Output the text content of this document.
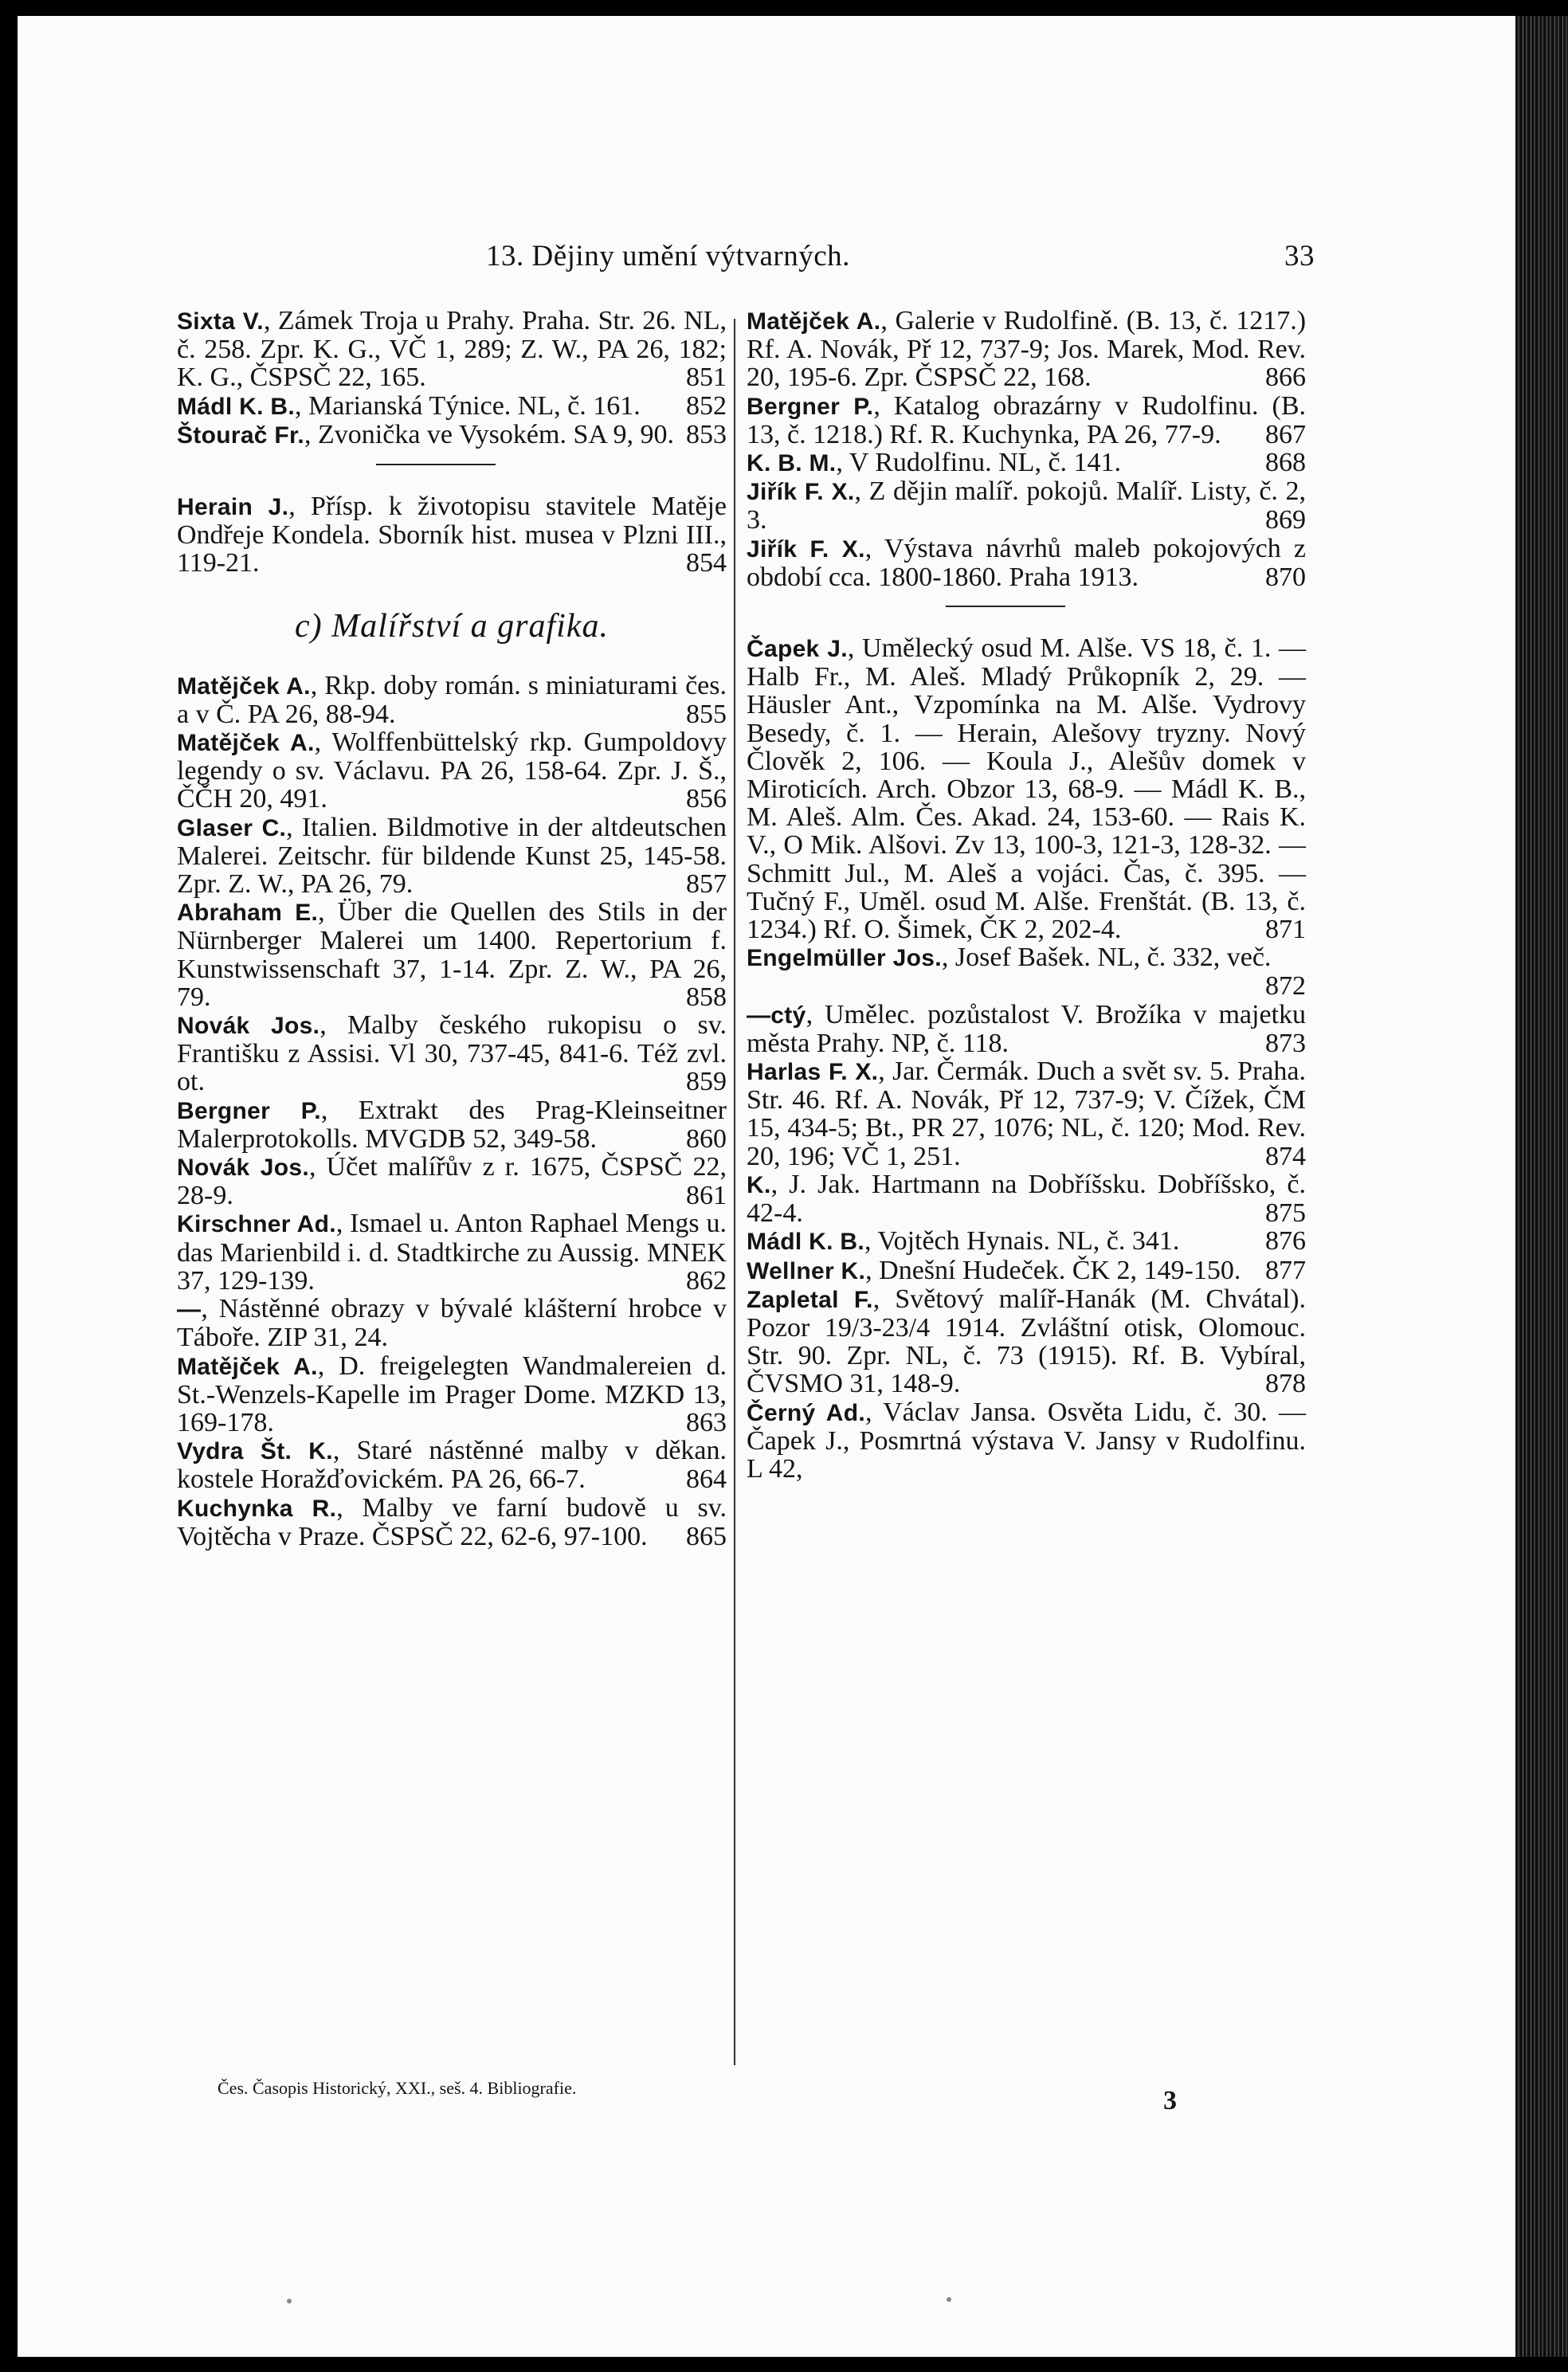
13. Dějiny umění výtvarných.	33

Sixta V., Zámek Troja u Prahy. Praha. Str. 26. NL, č. 258. Zpr. K. G., VČ 1, 289; Z. W., PA 26, 182; K. G., ČSPSČ 22, 165.	851

Mádl K. B., Marianská Týnice. NL, č. 161. 852

Štourač Fr., Zvonička ve Vysokém. SA 9, 90. 853

Herain J., Přísp. k životopisu stavitele Matěje Ondřeje Kondela. Sborník hist. musea v Plzni III., 119-21.	854

c) Malířství a grafika.

Matějček A., Rkp. doby román. s miniaturami čes. a v Č. PA 26, 88-94.	855

Matějček A., Wolffenbüttelský rkp. Gumpoldovy legendy o sv. Václavu. PA 26, 158-64. Zpr. J. Š., ČČH 20, 491.	856

Glaser C., Italien. Bildmotive in der altdeutschen Malerei. Zeitschr. für bildende Kunst 25, 145-58. Zpr. Z. W., PA 26, 79.	857

Abraham E., Über die Quellen des Stils in der Nürnberger Malerei um 1400. Repertorium f. Kunstwissenschaft 37, 1-14. Zpr. Z. W., PA 26, 79.	858

Novák Jos., Malby českého rukopisu o sv. Františku z Assisi. Vl 30, 737-45, 841-6. Též zvl. ot.	859

Bergner P., Extrakt des Prag-Kleinseitner Malerprotokolls. MVGDB 52, 349-58.	860

Novák Jos., Účet malířův z r. 1675, ČSPSČ 22, 28-9.	861

Kirschner Ad., Ismael u. Anton Raphael Mengs u. das Marienbild i. d. Stadtkirche zu Aussig. MNEK 37, 129-139.	862

—, Nástěnné obrazy v bývalé klášterní hrobce v Táboře. ZIP 31, 24.

Matějček A., D. freigelegten Wandmalereien d. St.-Wenzels-Kapelle im Prager Dome. MZKD 13, 169-178.	863

Vydra Št. K., Staré nástěnné malby v děkan. kostele Horažďovickém. PA 26, 66-7.	864

Kuchynka R., Malby ve farní budově u sv. Vojtěcha v Praze. ČSPSČ 22, 62-6, 97-100. 865

Matějček A., Galerie v Rudolfině. (B. 13, č. 1217.) Rf. A. Novák, Př 12, 737-9; Jos. Marek, Mod. Rev. 20, 195-6. Zpr. ČSPSČ 22, 168.	866

Bergner P., Katalog obrazárny v Rudolfinu. (B. 13, č. 1218.) Rf. R. Kuchynka, PA 26, 77-9. 867

K. B. M., V Rudolfinu. NL, č. 141.	868

Jiřík F. X., Z dějin malíř. pokojů. Malíř. Listy, č. 2, 3.	869

Jiřík F. X., Výstava návrhů maleb pokojových z období cca. 1800-1860. Praha 1913.	870

Čapek J., Umělecký osud M. Alše. VS 18, č. 1. — Halb Fr., M. Aleš. Mladý Průkopník 2, 29. — Häusler Ant., Vzpomínka na M. Alše. Vydrovy Besedy, č. 1. — Herain, Alešovy tryzny. Nový Člověk 2, 106. — Koula J., Alešův domek v Miroticích. Arch. Obzor 13, 68-9. — Mádl K. B., M. Aleš. Alm. Čes. Akad. 24, 153-60. — Rais K. V., O Mik. Alšovi. Zv 13, 100-3, 121-3, 128-32. — Schmitt Jul., M. Aleš a vojáci. Čas, č. 395. — Tučný F., Uměl. osud M. Alše. Frenštát. (B. 13, č. 1234.) Rf. O. Šimek, ČK 2, 202-4.	871

Engelmüller Jos., Josef Bašek. NL, č. 332, več.
872

—ctý, Umělec. pozůstalost V. Brožíka v majetku města Prahy. NP, č. 118.	873

Harlas F. X., Jar. Čermák. Duch a svět sv. 5. Praha. Str. 46. Rf. A. Novák, Př 12, 737-9; V. Čížek, ČM 15, 434-5; Bt., PR 27, 1076; NL, č. 120; Mod. Rev. 20, 196; VČ 1, 251.	874

K., J. Jak. Hartmann na Dobříšsku. Dobříšsko, č. 42-4.	875

Mádl K. B., Vojtěch Hynais. NL, č. 341.	876

Wellner K., Dnešní Hudeček. ČK 2, 149-150. 877

Zapletal F., Světový malíř-Hanák (M. Chvátal). Pozor 19/3-23/4 1914. Zvláštní otisk, Olomouc. Str. 90. Zpr. NL, č. 73 (1915). Rf. B. Vybíral, ČVSMO 31, 148-9.	878

Černý Ad., Václav Jansa. Osvěta Lidu, č. 30. — Čapek J., Posmrtná výstava V. Jansy v Rudolfinu. L 42,

Čes. Časopis Historický, XXI., seš. 4. Bibliografie.	3
